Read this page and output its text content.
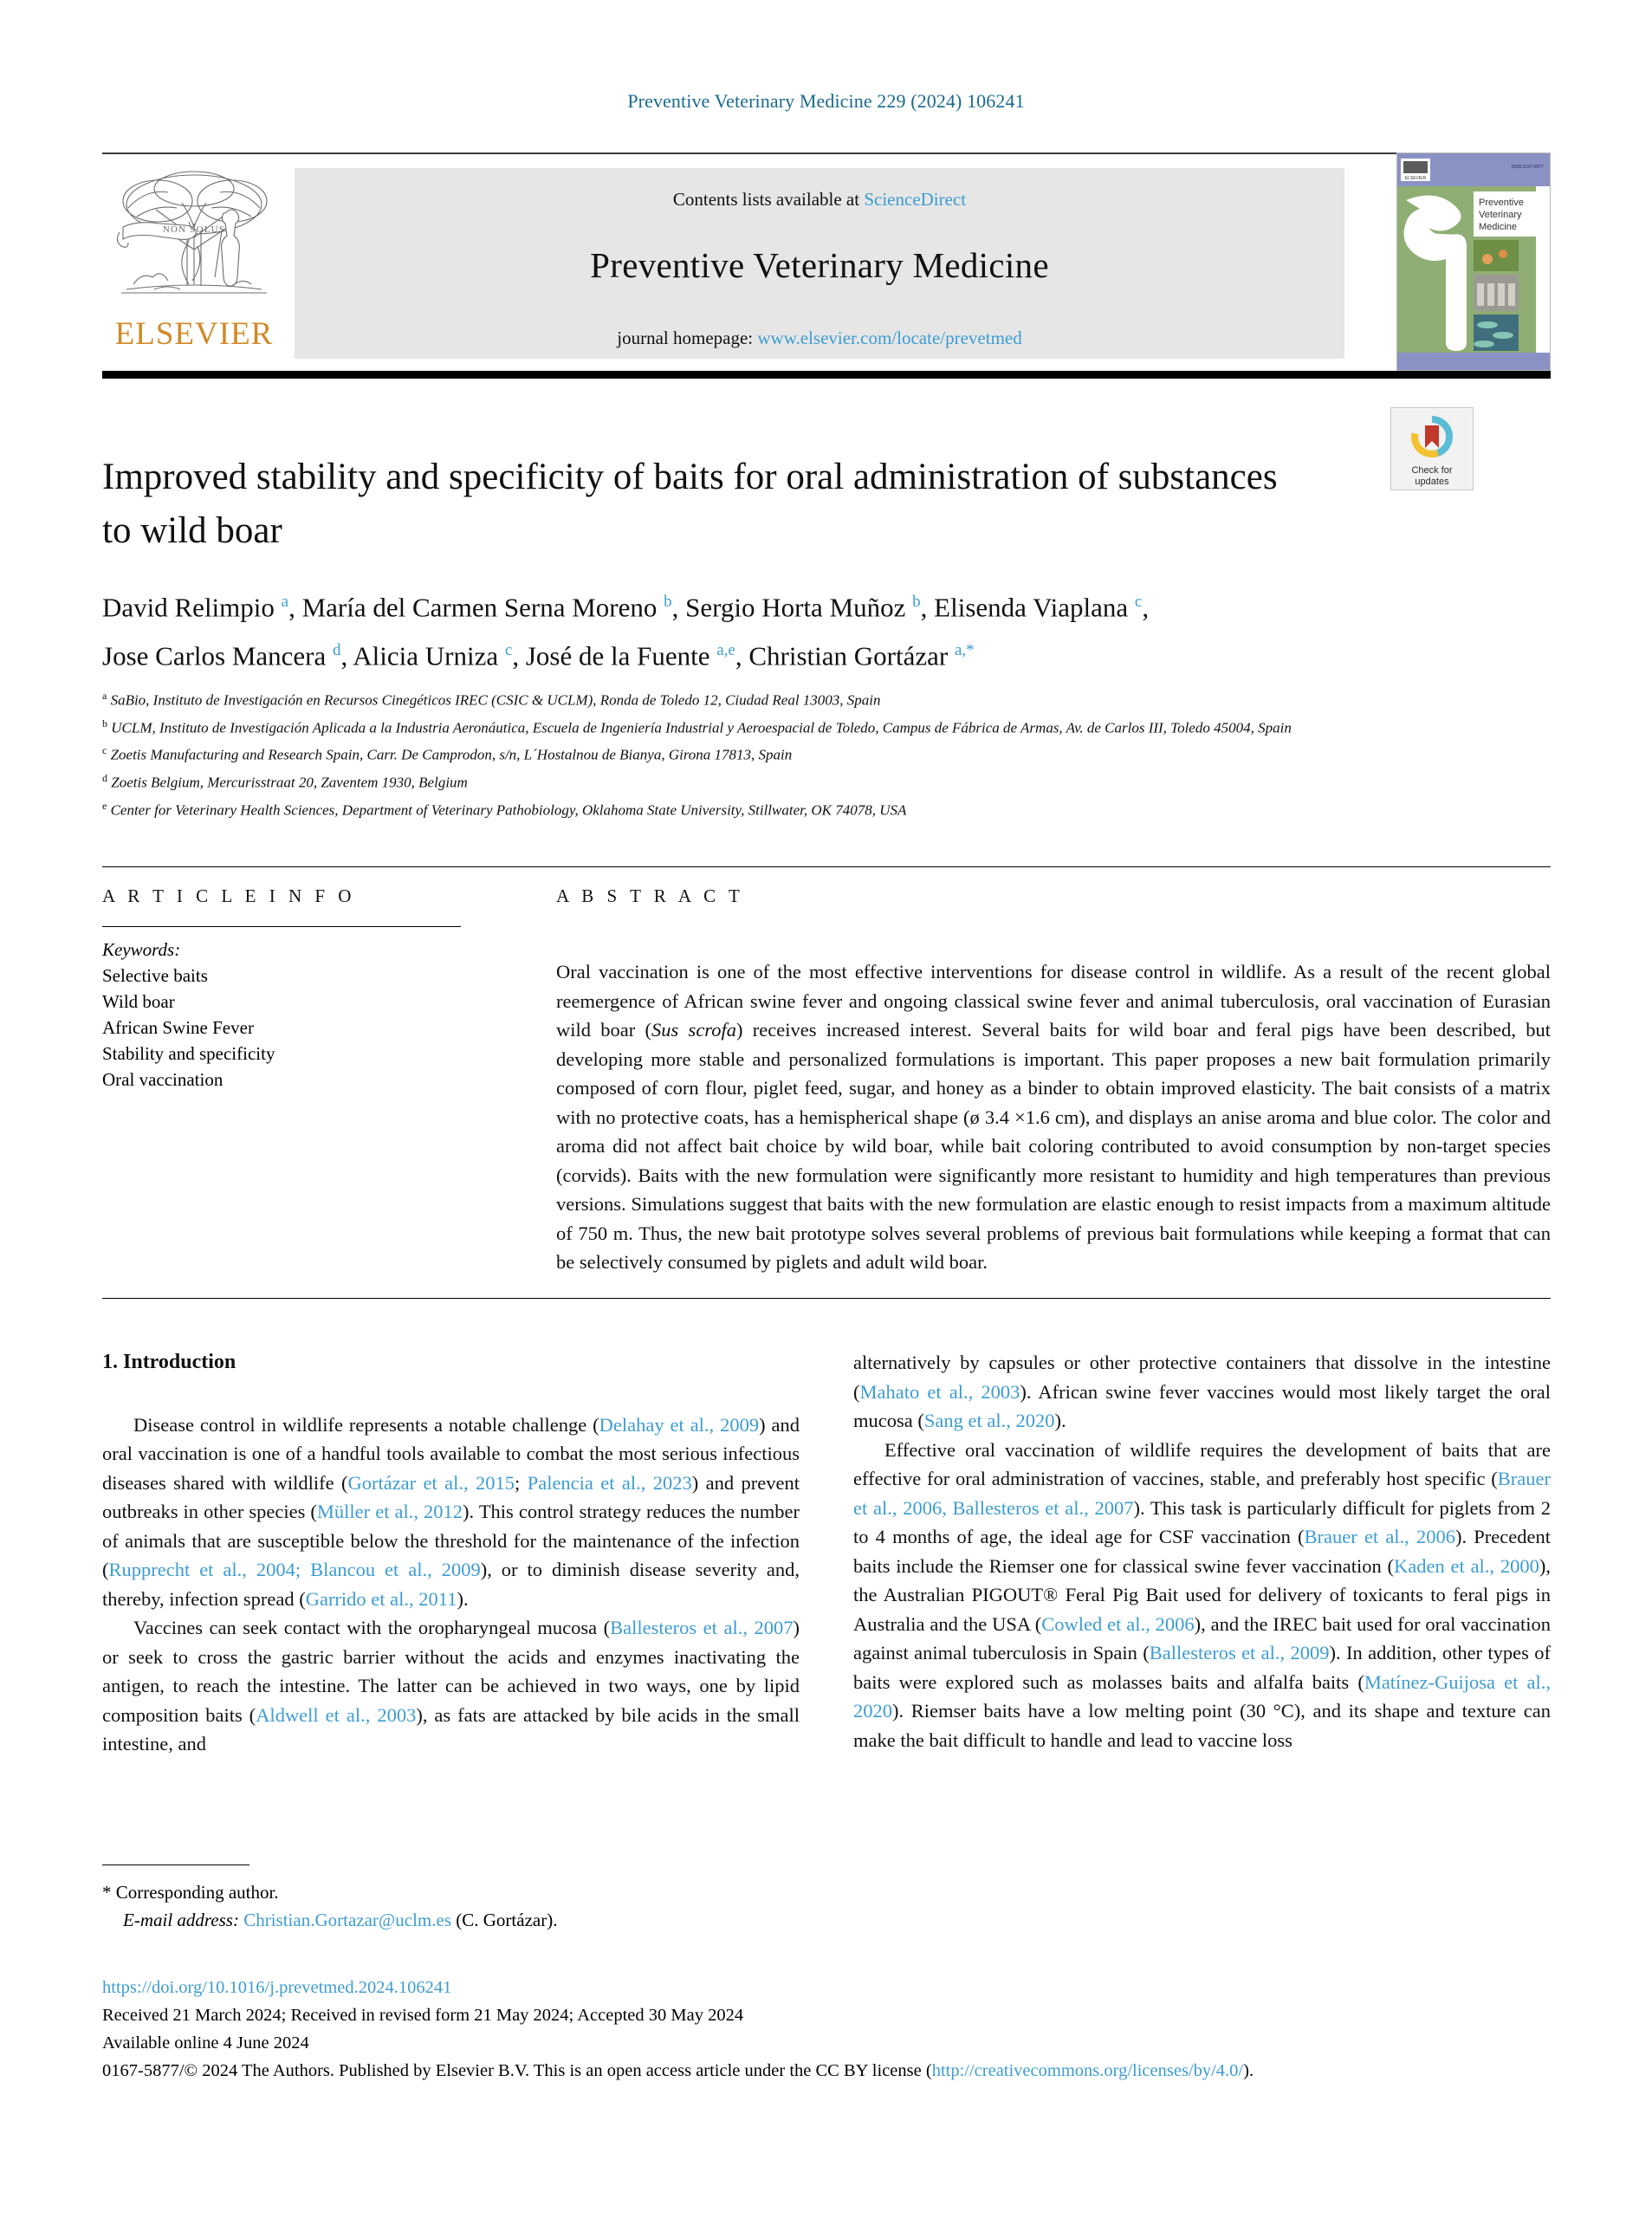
Preventive Veterinary Medicine 229 (2024) 106241
NON SOLUS
ELSEVIER
Contents lists available at ScienceDirect
Preventive Veterinary Medicine
journal homepage: www.elsevier.com/locate/prevetmed
ELSEVIER
ISSN 0167-5877
Preventive
Veterinary
Medicine
Check for
updates
Improved stability and specificity of baits for oral administration of substances to wild boar
David Relimpio $^a$, María del Carmen Serna Moreno $^b$, Sergio Horta Muñoz $^b$, Elisenda Viaplana $^c$,
Jose Carlos Mancera $^d$, Alicia Urniza $^c$, José de la Fuente $^{a,e}$, Christian Gortázar $^{a,*}$
$^a$ SaBio, Instituto de Investigación en Recursos Cinegéticos IREC (CSIC & UCLM), Ronda de Toledo 12, Ciudad Real 13003, Spain
$^b$ UCLM, Instituto de Investigación Aplicada a la Industria Aeronáutica, Escuela de Ingeniería Industrial y Aeroespacial de Toledo, Campus de Fábrica de Armas, Av. de Carlos III, Toledo 45004, Spain
$^c$ Zoetis Manufacturing and Research Spain, Carr. De Camprodon, s/n, L´Hostalnou de Bianya, Girona 17813, Spain
$^d$ Zoetis Belgium, Mercurisstraat 20, Zaventem 1930, Belgium
$^e$ Center for Veterinary Health Sciences, Department of Veterinary Pathobiology, Oklahoma State University, Stillwater, OK 74078, USA
A R T I C L E I N F O
Keywords:
Selective baits
Wild boar
African Swine Fever
Stability and specificity
Oral vaccination
A B S T R A C T
Oral vaccination is one of the most effective interventions for disease control in wildlife. As a result of the recent global reemergence of African swine fever and ongoing classical swine fever and animal tuberculosis, oral vaccination of Eurasian wild boar (Sus scrofa) receives increased interest. Several baits for wild boar and feral pigs have been described, but developing more stable and personalized formulations is important. This paper proposes a new bait formulation primarily composed of corn flour, piglet feed, sugar, and honey as a binder to obtain improved elasticity. The bait consists of a matrix with no protective coats, has a hemispherical shape (ø 3.4 ×1.6 cm), and displays an anise aroma and blue color. The color and aroma did not affect bait choice by wild boar, while bait coloring contributed to avoid consumption by non-target species (corvids). Baits with the new formulation were significantly more resistant to humidity and high temperatures than previous versions. Simulations suggest that baits with the new formulation are elastic enough to resist impacts from a maximum altitude of 750 m. Thus, the new bait prototype solves several problems of previous bait formulations while keeping a format that can be selectively consumed by piglets and adult wild boar.
1. Introduction

Disease control in wildlife represents a notable challenge (Delahay et al., 2009) and oral vaccination is one of a handful tools available to combat the most serious infectious diseases shared with wildlife (Gortázar et al., 2015; Palencia et al., 2023) and prevent outbreaks in other species (Müller et al., 2012). This control strategy reduces the number of animals that are susceptible below the threshold for the maintenance of the infection (Rupprecht et al., 2004; Blancou et al., 2009), or to diminish disease severity and, thereby, infection spread (Garrido et al., 2011).

Vaccines can seek contact with the oropharyngeal mucosa (Ballesteros et al., 2007) or seek to cross the gastric barrier without the acids and enzymes inactivating the antigen, to reach the intestine. The latter can be achieved in two ways, one by lipid composition baits (Aldwell et al., 2003), as fats are attacked by bile acids in the small intestine, and

alternatively by capsules or other protective containers that dissolve in the intestine (Mahato et al., 2003). African swine fever vaccines would most likely target the oral mucosa (Sang et al., 2020).

Effective oral vaccination of wildlife requires the development of baits that are effective for oral administration of vaccines, stable, and preferably host specific (Brauer et al., 2006, Ballesteros et al., 2007). This task is particularly difficult for piglets from 2 to 4 months of age, the ideal age for CSF vaccination (Brauer et al., 2006). Precedent baits include the Riemser one for classical swine fever vaccination (Kaden et al., 2000), the Australian PIGOUT® Feral Pig Bait used for delivery of toxicants to feral pigs in Australia and the USA (Cowled et al., 2006), and the IREC bait used for oral vaccination against animal tuberculosis in Spain (Ballesteros et al., 2009). In addition, other types of baits were explored such as molasses baits and alfalfa baits (Matínez-Guijosa et al., 2020). Riemser baits have a low melting point (30 °C), and its shape and texture can make the bait difficult to handle and lead to vaccine loss

* Corresponding author.
E-mail address: Christian.Gortazar@uclm.es (C. Gortázar).
https://doi.org/10.1016/j.prevetmed.2024.106241
Received 21 March 2024; Received in revised form 21 May 2024; Accepted 30 May 2024
Available online 4 June 2024
0167-5877/© 2024 The Authors. Published by Elsevier B.V. This is an open access article under the CC BY license (http://creativecommons.org/licenses/by/4.0/).
